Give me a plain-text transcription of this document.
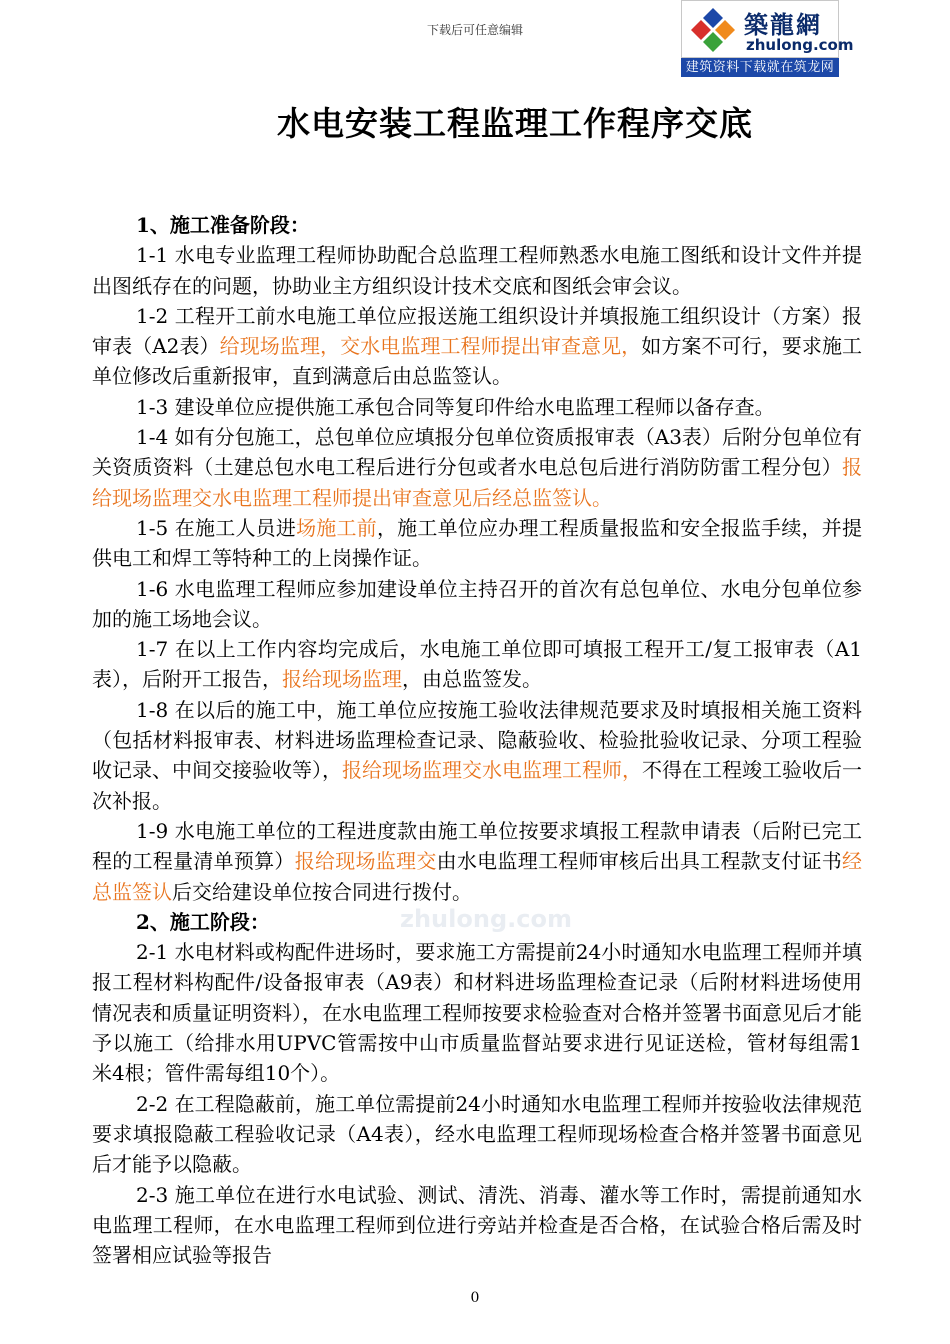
下载后可任意编辑	築龍網
zhulong.com
建筑资料下载就在筑龙网
水电安装工程监理工作程序交底
zhulong.com

1、施工准备阶段：

1-1 水电专业监理工程师协助配合总监理工程师熟悉水电施工图纸和设计文件并提出图纸存在的问题，协助业主方组织设计技术交底和图纸会审会议。

1-2 工程开工前水电施工单位应报送施工组织设计并填报施工组织设计（方案）报审表（A2表）给现场监理，交水电监理工程师提出审查意见，如方案不可行，要求施工单位修改后重新报审，直到满意后由总监签认。

1-3 建设单位应提供施工承包合同等复印件给水电监理工程师以备存查。

1-4 如有分包施工，总包单位应填报分包单位资质报审表（A3表）后附分包单位有关资质资料（土建总包水电工程后进行分包或者水电总包后进行消防防雷工程分包）报给现场监理交水电监理工程师提出审查意见后经总监签认。

1-5 在施工人员进场施工前，施工单位应办理工程质量报监和安全报监手续，并提供电工和焊工等特种工的上岗操作证。

1-6 水电监理工程师应参加建设单位主持召开的首次有总包单位、水电分包单位参加的施工场地会议。

1-7 在以上工作内容均完成后，水电施工单位即可填报工程开工/复工报审表（A1表），后附开工报告，报给现场监理，由总监签发。

1-8 在以后的施工中，施工单位应按施工验收法律规范要求及时填报相关施工资料（包括材料报审表、材料进场监理检查记录、隐蔽验收、检验批验收记录、分项工程验收记录、中间交接验收等），报给现场监理交水电监理工程师，不得在工程竣工验收后一次补报。

1-9 水电施工单位的工程进度款由施工单位按要求填报工程款申请表（后附已完工程的工程量清单预算）报给现场监理交由水电监理工程师审核后出具工程款支付证书经总监签认后交给建设单位按合同进行拨付。

2、施工阶段：

2-1 水电材料或构配件进场时，要求施工方需提前24小时通知水电监理工程师并填报工程材料构配件/设备报审表（A9表）和材料进场监理检查记录（后附材料进场使用情况表和质量证明资料），在水电监理工程师按要求检验查对合格并签署书面意见后才能予以施工（给排水用UPVC管需按中山市质量监督站要求进行见证送检，管材每组需1米4根；管件需每组10个）。

2-2 在工程隐蔽前，施工单位需提前24小时通知水电监理工程师并按验收法律规范要求填报隐蔽工程验收记录（A4表），经水电监理工程师现场检查合格并签署书面意见后才能予以隐蔽。

2-3 施工单位在进行水电试验、测试、清洗、消毒、灌水等工作时，需提前通知水电监理工程师，在水电监理工程师到位进行旁站并检查是否合格，在试验合格后需及时签署相应试验等报告

0
